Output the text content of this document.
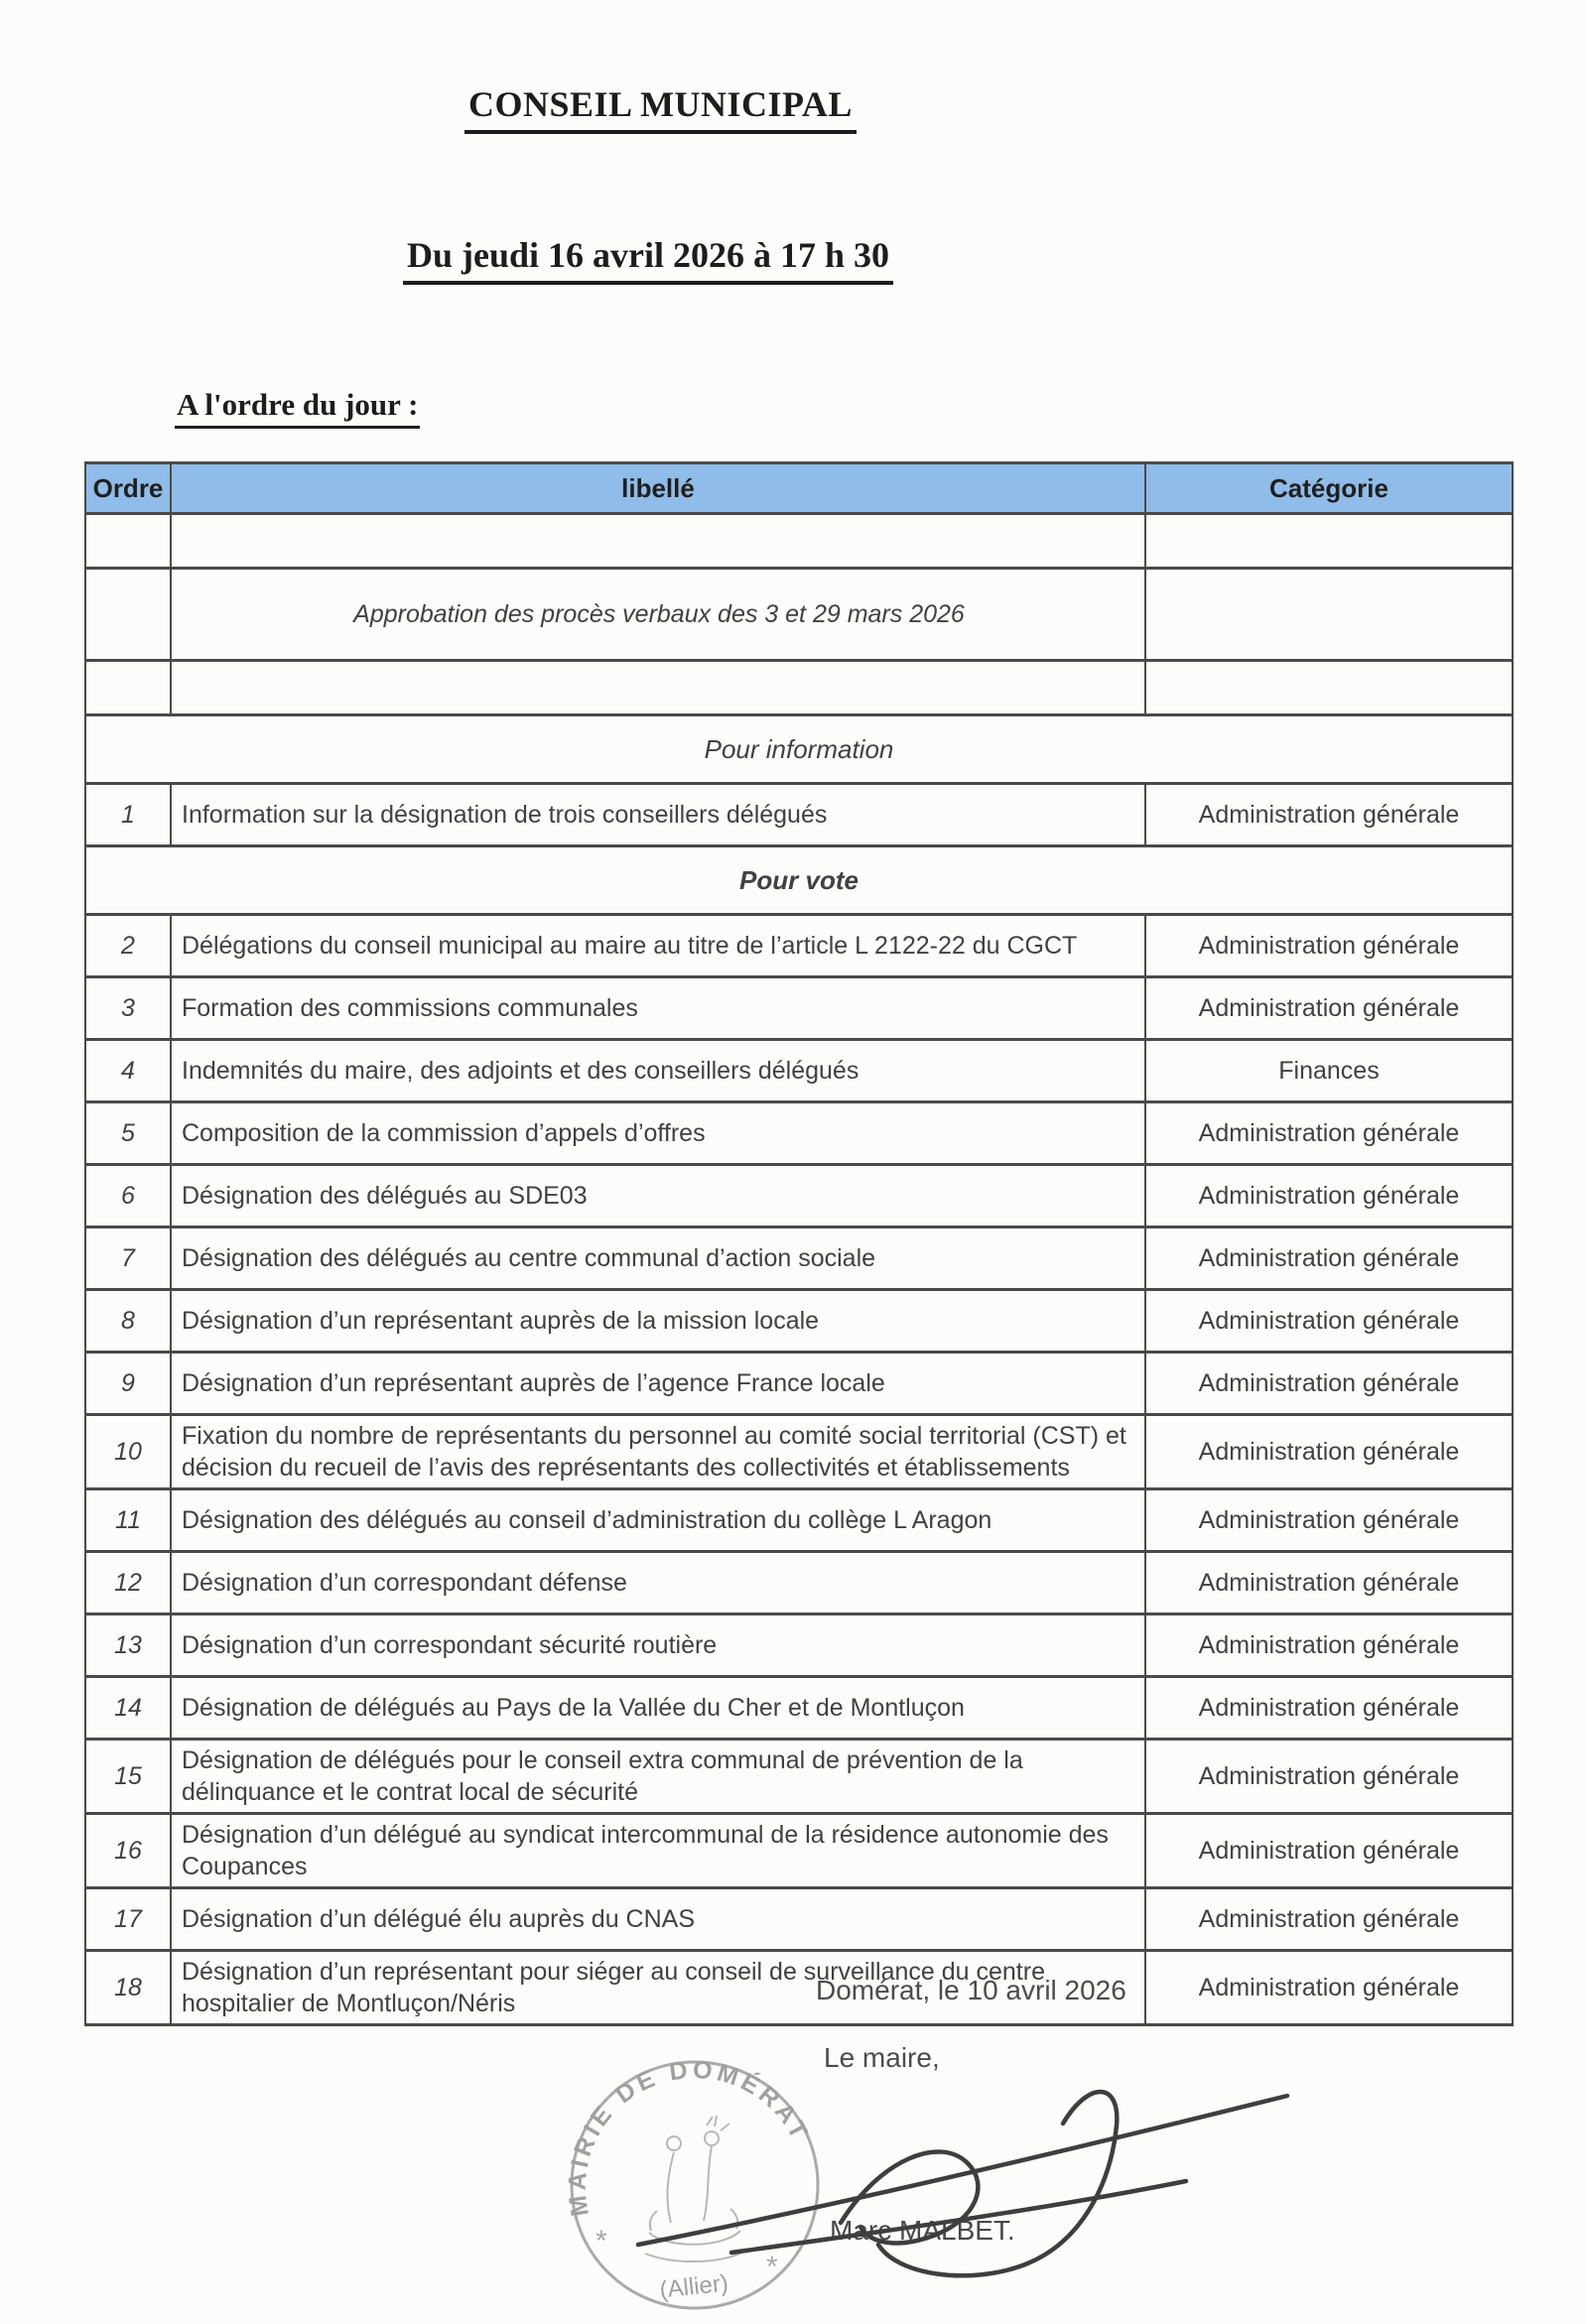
CONSEIL MUNICIPAL
Du jeudi 16 avril 2026 à 17 h 30
A l'ordre du jour :
Ordre	libellé	Catégorie

	Approbation des procès verbaux des 3 et 29 mars 2026	

Pour information		
1	Information sur la désignation de trois conseillers délégués	Administration générale
Pour vote		
2	Délégations du conseil municipal au maire au titre de l’article L 2122-22 du CGCT	Administration générale
3	Formation des commissions communales	Administration générale
4	Indemnités du maire, des adjoints et des conseillers délégués	Finances
5	Composition de la commission d’appels d’offres	Administration générale
6	Désignation des délégués au SDE03	Administration générale
7	Désignation des délégués au centre communal d’action sociale	Administration générale
8	Désignation d’un représentant auprès de la mission locale	Administration générale
9	Désignation d’un représentant auprès de l’agence France locale	Administration générale
10	Fixation du nombre de représentants du personnel au comité social territorial (CST) et décision du recueil de l’avis des représentants des collectivités et établissements	Administration générale
11	Désignation des délégués au conseil d’administration du collège L Aragon	Administration générale
12	Désignation d’un correspondant défense	Administration générale
13	Désignation d’un correspondant sécurité routière	Administration générale
14	Désignation de délégués au Pays de la Vallée du Cher et de Montluçon	Administration générale
15	Désignation de délégués pour le conseil extra communal de prévention de la délinquance et le contrat local de sécurité	Administration générale
16	Désignation d’un délégué au syndicat intercommunal de la résidence autonomie des Coupances	Administration générale
17	Désignation d’un délégué élu auprès du CNAS	Administration générale
18	Désignation d’un représentant pour siéger au conseil de surveillance du centre hospitalier de Montluçon/Néris	Administration générale
Domérat, le 10 avril 2026
Le maire,
Marc MALBET.
MAIRIE DE DOMÉRAT
(Allier)
*
*
